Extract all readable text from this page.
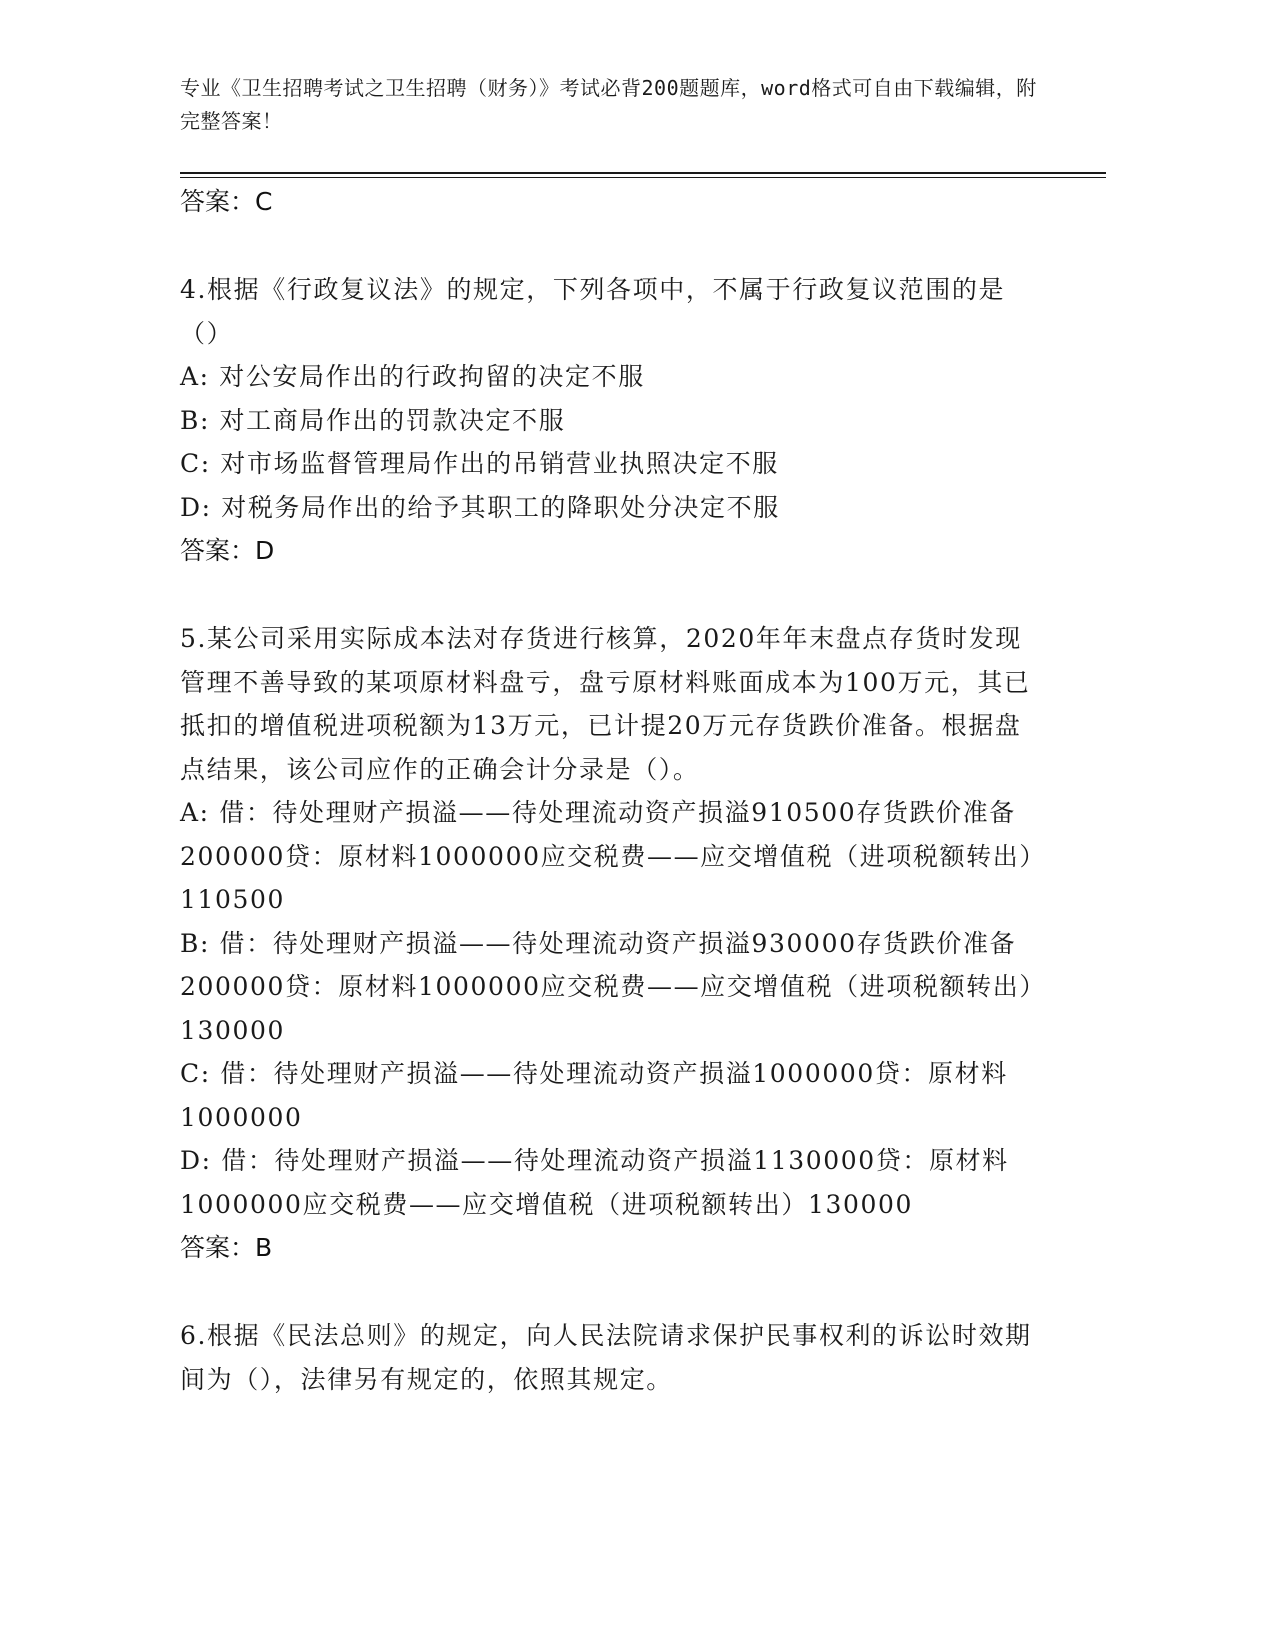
专业《卫生招聘考试之卫生招聘（财务）》考试必背200题题库，word格式可自由下载编辑，附完整答案！

答案：C

4.根据《行政复议法》的规定，下列各项中，不属于行政复议范围的是（）

A: 对公安局作出的行政拘留的决定不服

B: 对工商局作出的罚款决定不服

C: 对市场监督管理局作出的吊销营业执照决定不服

D: 对税务局作出的给予其职工的降职处分决定不服

答案：D

5.某公司采用实际成本法对存货进行核算，2020年年末盘点存货时发现管理不善导致的某项原材料盘亏，盘亏原材料账面成本为100万元，其已抵扣的增值税进项税额为13万元，已计提20万元存货跌价准备。根据盘点结果，该公司应作的正确会计分录是（）。

A: 借：待处理财产损溢——待处理流动资产损溢910500存货跌价准备200000贷：原材料1000000应交税费——应交增值税（进项税额转出）110500

B: 借：待处理财产损溢——待处理流动资产损溢930000存货跌价准备200000贷：原材料1000000应交税费——应交增值税（进项税额转出）130000

C: 借：待处理财产损溢——待处理流动资产损溢1000000贷：原材料1000000

D: 借：待处理财产损溢——待处理流动资产损溢1130000贷：原材料1000000应交税费——应交增值税（进项税额转出）130000

答案：B

6.根据《民法总则》的规定，向人民法院请求保护民事权利的诉讼时效期间为（），法律另有规定的，依照其规定。
